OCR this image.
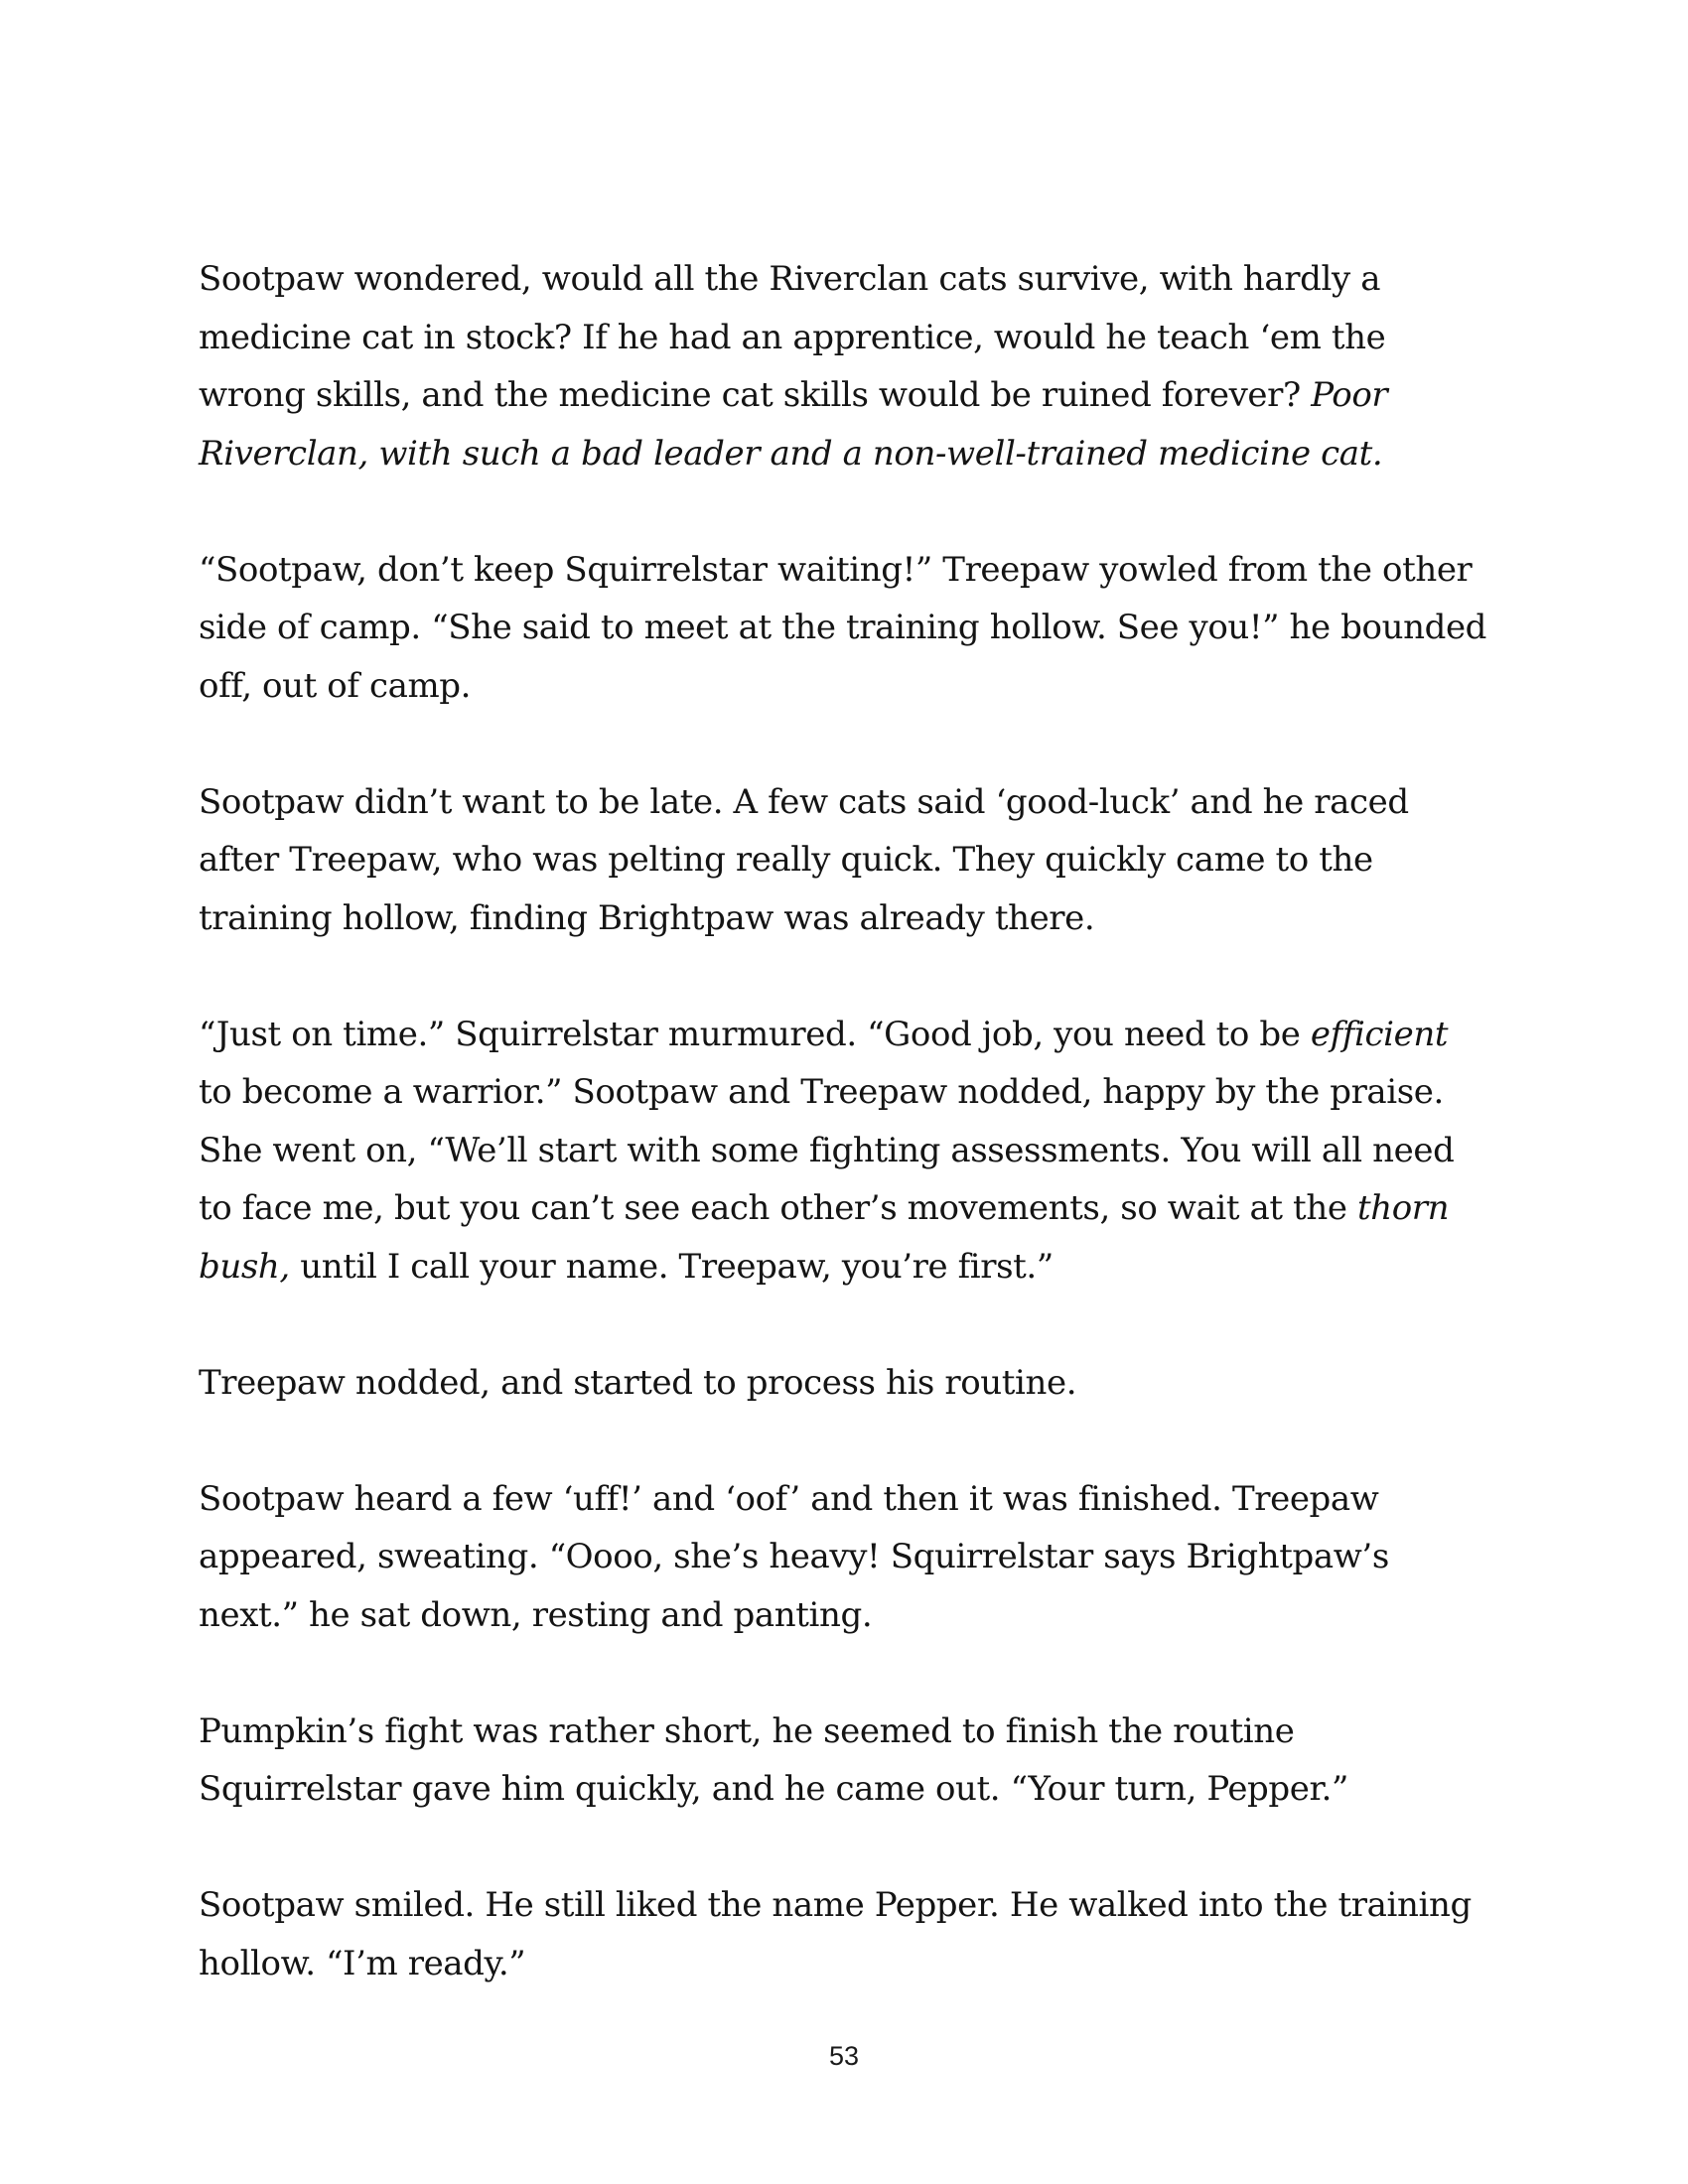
Sootpaw wondered, would all the Riverclan cats survive, with hardly a medicine cat in stock? If he had an apprentice, would he teach ‘em the wrong skills, and the medicine cat skills would be ruined forever? Poor Riverclan, with such a bad leader and a non-well-trained medicine cat.

“Sootpaw, don’t keep Squirrelstar waiting!” Treepaw yowled from the other side of camp. “She said to meet at the training hollow. See you!” he bounded off, out of camp.

Sootpaw didn’t want to be late. A few cats said ‘good-luck’ and he raced after Treepaw, who was pelting really quick. They quickly came to the training hollow, finding Brightpaw was already there.

“Just on time.” Squirrelstar murmured. “Good job, you need to be efficient to become a warrior.” Sootpaw and Treepaw nodded, happy by the praise. She went on, “We’ll start with some fighting assessments. You will all need to face me, but you can’t see each other’s movements, so wait at the thorn bush, until I call your name. Treepaw, you’re first.”

Treepaw nodded, and started to process his routine.

Sootpaw heard a few ‘uff!’ and ‘oof’ and then it was finished. Treepaw appeared, sweating. “Oooo, she’s heavy! Squirrelstar says Brightpaw’s next.” he sat down, resting and panting.

Pumpkin’s fight was rather short, he seemed to finish the routine Squirrelstar gave him quickly, and he came out. “Your turn, Pepper.”

Sootpaw smiled. He still liked the name Pepper. He walked into the training hollow. “I’m ready.”

53
